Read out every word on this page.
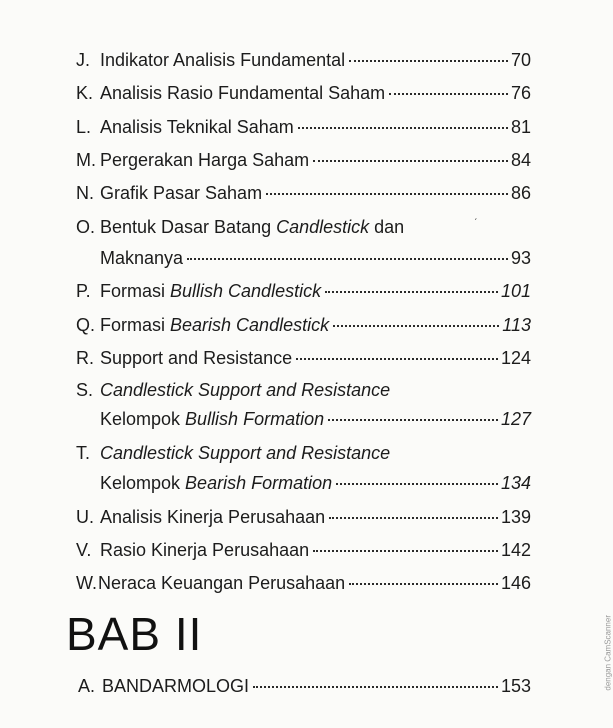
J. Indikator Analisis Fundamental	70
K. Analisis Rasio Fundamental Saham	76
L. Analisis Teknikal Saham	81
M. Pergerakan Harga Saham	84
N. Grafik Pasar Saham	86
O. Bentuk Dasar Batang Candlestick dan	ˊ
Maknanya	93
P. Formasi Bullish Candlestick	101
Q. Formasi Bearish Candlestick	113
R. Support and Resistance	124
S. Candlestick Support and Resistance
Kelompok Bullish Formation	127
T. Candlestick Support and Resistance
Kelompok Bearish Formation	134
U. Analisis Kinerja Perusahaan	139
V. Rasio Kinerja Perusahaan	142
W. Neraca Keuangan Perusahaan	146
BAB II
A. BANDARMOLOGI	153	dengan CamScanner
